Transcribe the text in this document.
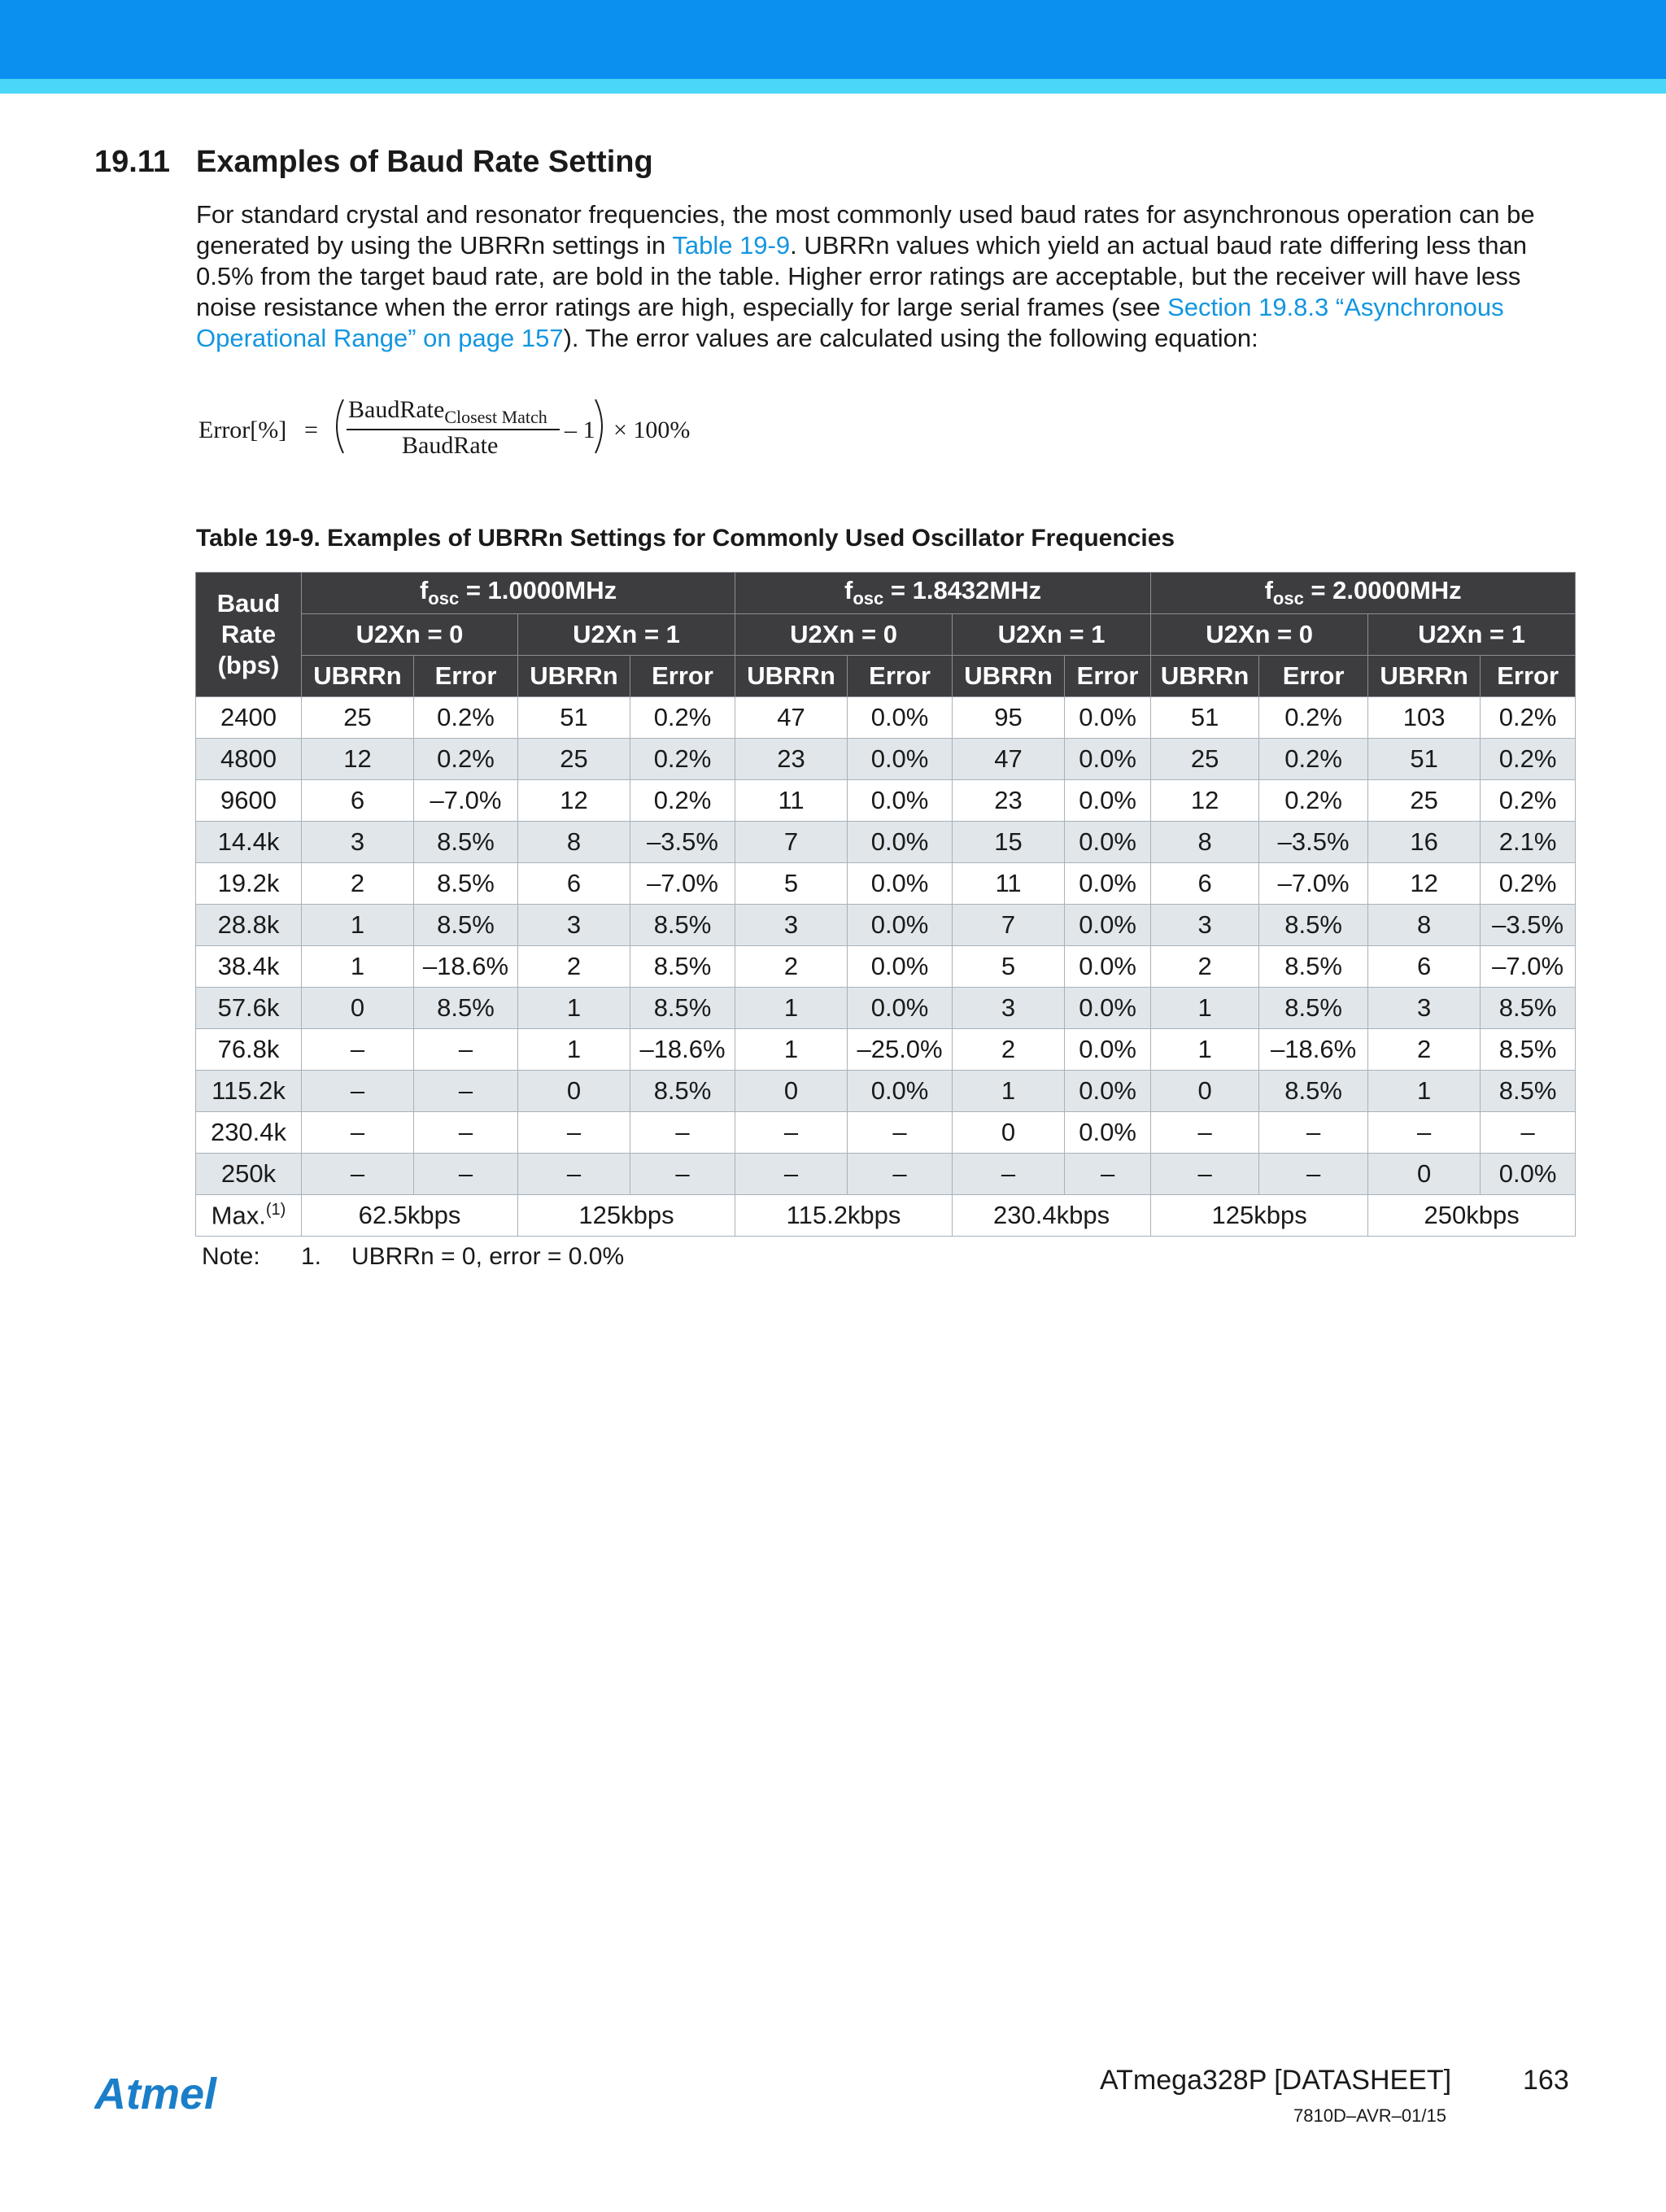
19.11 Examples of Baud Rate Setting

For standard crystal and resonator frequencies, the most commonly used baud rates for asynchronous operation can be generated by using the UBRRn settings in Table 19-9. UBRRn values which yield an actual baud rate differing less than 0.5% from the target baud rate, are bold in the table. Higher error ratings are acceptable, but the receiver will have less noise resistance when the error ratings are high, especially for large serial frames (see Section 19.8.3 “Asynchronous Operational Range” on page 157). The error values are calculated using the following equation:

Error[%] =
BaudRate$_{Closest Match}$
BaudRate
– 1 × 100%
Table 19-9. Examples of UBRRn Settings for Commonly Used Oscillator Frequencies
Baud
Rate
(bps)	$f_{osc} = 1.0000MHz$				$f_{osc} = 1.8432MHz$				$f_{osc} = 2.0000MHz$			
	U2Xn = 0		U2Xn = 1		U2Xn = 0		U2Xn = 1		U2Xn = 0		U2Xn = 1	
	UBRRn	Error	UBRRn	Error	UBRRn	Error	UBRRn	Error	UBRRn	Error	UBRRn	Error
2400	25	0.2%	51	0.2%	47	0.0%	95	0.0%	51	0.2%	103	0.2%
4800	12	0.2%	25	0.2%	23	0.0%	47	0.0%	25	0.2%	51	0.2%
9600	6	–7.0%	12	0.2%	11	0.0%	23	0.0%	12	0.2%	25	0.2%
14.4k	3	8.5%	8	–3.5%	7	0.0%	15	0.0%	8	–3.5%	16	2.1%
19.2k	2	8.5%	6	–7.0%	5	0.0%	11	0.0%	6	–7.0%	12	0.2%
28.8k	1	8.5%	3	8.5%	3	0.0%	7	0.0%	3	8.5%	8	–3.5%
38.4k	1	–18.6%	2	8.5%	2	0.0%	5	0.0%	2	8.5%	6	–7.0%
57.6k	0	8.5%	1	8.5%	1	0.0%	3	0.0%	1	8.5%	3	8.5%
76.8k	–	–	1	–18.6%	1	–25.0%	2	0.0%	1	–18.6%	2	8.5%
115.2k	–	–	0	8.5%	0	0.0%	1	0.0%	0	8.5%	1	8.5%
230.4k	–	–	–	–	–	–	0	0.0%	–	–	–	–
250k	–	–	–	–	–	–	–	–	–	–	0	0.0%
Max.$^{(1)}$	62.5kbps		125kbps		115.2kbps		230.4kbps		125kbps		250kbps	
Note: 1. UBRRn = 0, error = 0.0%
Atmel	ATmega328P [DATASHEET]	163
7810D–AVR–01/15
